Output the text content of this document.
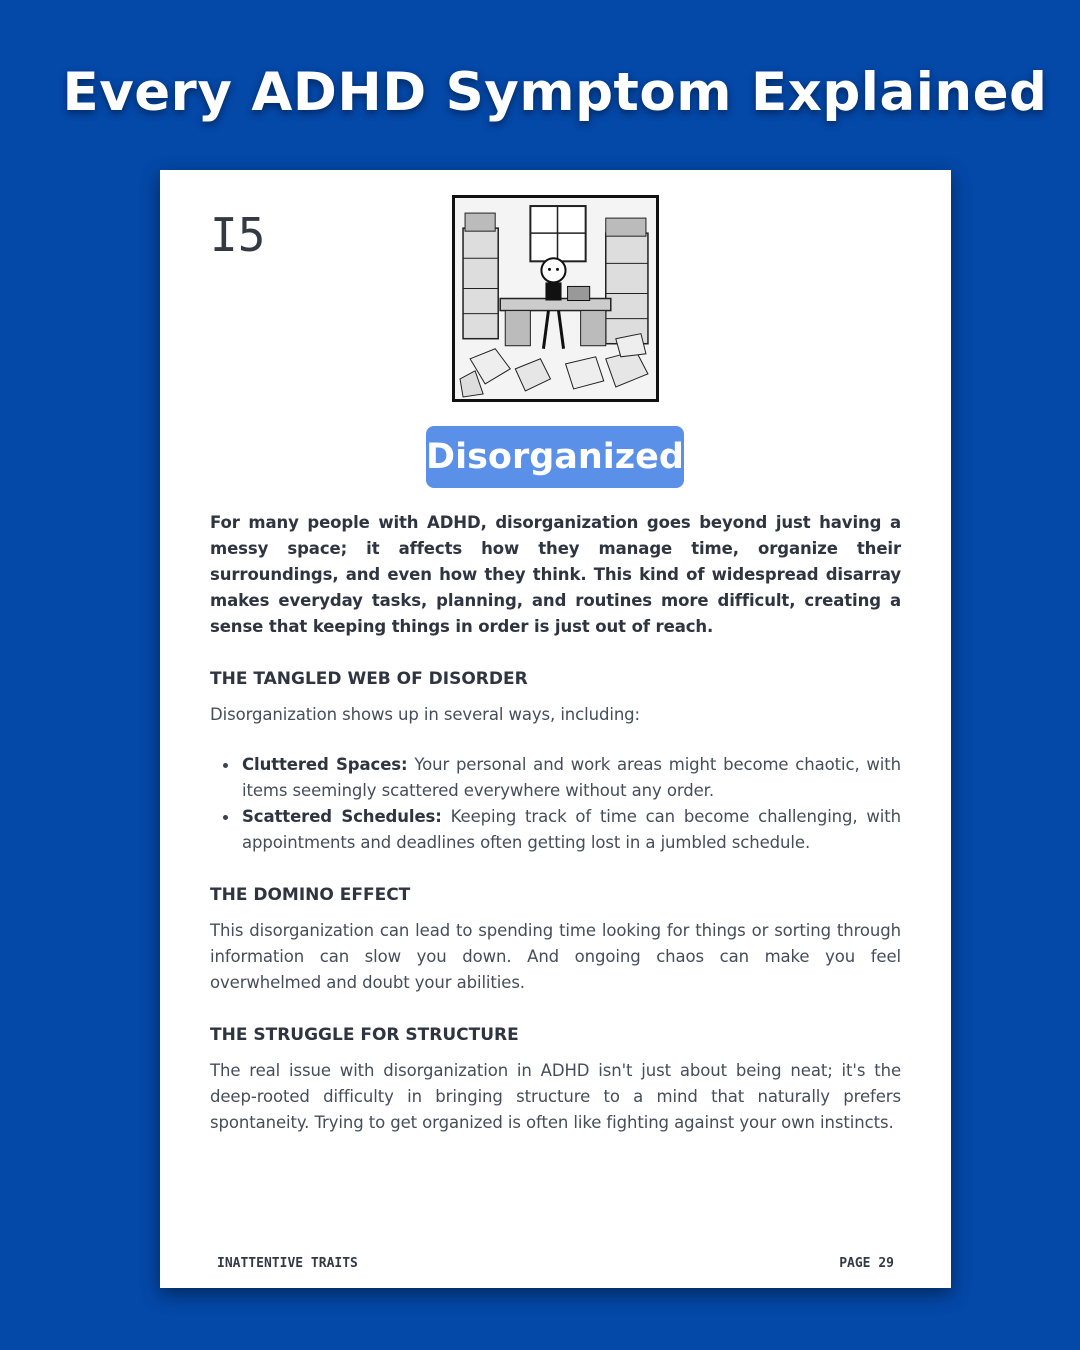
Every ADHD Symptom Explained
I5
Disorganized

For many people with ADHD, disorganization goes beyond just having a messy space; it affects how they manage time, organize their surroundings, and even how they think. This kind of widespread disarray makes everyday tasks, planning, and routines more difficult, creating a sense that keeping things in order is just out of reach.

THE TANGLED WEB OF DISORDER

Disorganization shows up in several ways, including:

Cluttered Spaces: Your personal and work areas might become chaotic, with items seemingly scattered everywhere without any order.
Scattered Schedules: Keeping track of time can become challenging, with appointments and deadlines often getting lost in a jumbled schedule.
THE DOMINO EFFECT

This disorganization can lead to spending time looking for things or sorting through information can slow you down. And ongoing chaos can make you feel overwhelmed and doubt your abilities.

THE STRUGGLE FOR STRUCTURE

The real issue with disorganization in ADHD isn't just about being neat; it's the deep-rooted difficulty in bringing structure to a mind that naturally prefers spontaneity. Trying to get organized is often like fighting against your own instincts.

INATTENTIVE TRAITS	PAGE 29
